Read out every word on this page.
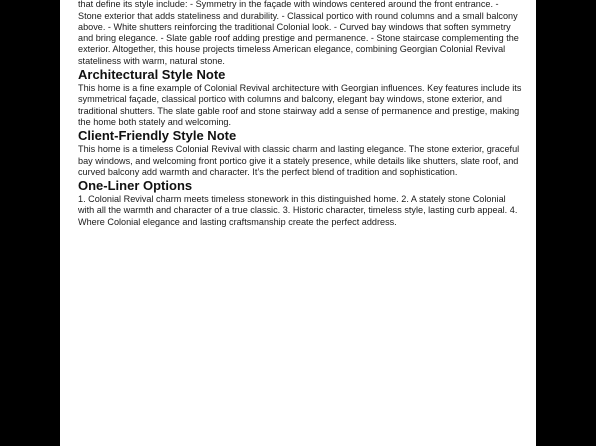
that define its style include: - Symmetry in the façade with windows centered around the front entrance. - Stone exterior that adds stateliness and durability. - Classical portico with round columns and a small balcony above. - White shutters reinforcing the traditional Colonial look. - Curved bay windows that soften symmetry and bring elegance. - Slate gable roof adding prestige and permanence. - Stone staircase complementing the exterior. Altogether, this house projects timeless American elegance, combining Georgian Colonial Revival stateliness with warm, natural stone.

Architectural Style Note

This home is a fine example of Colonial Revival architecture with Georgian influences. Key features include its symmetrical façade, classical portico with columns and balcony, elegant bay windows, stone exterior, and traditional shutters. The slate gable roof and stone stairway add a sense of permanence and prestige, making the home both stately and welcoming.

Client-Friendly Style Note

This home is a timeless Colonial Revival with classic charm and lasting elegance. The stone exterior, graceful bay windows, and welcoming front portico give it a stately presence, while details like shutters, slate roof, and curved balcony add warmth and character. It’s the perfect blend of tradition and sophistication.

One-Liner Options

1. Colonial Revival charm meets timeless stonework in this distinguished home. 2. A stately stone Colonial with all the warmth and character of a true classic. 3. Historic character, timeless style, lasting curb appeal. 4. Where Colonial elegance and lasting craftsmanship create the perfect address.
